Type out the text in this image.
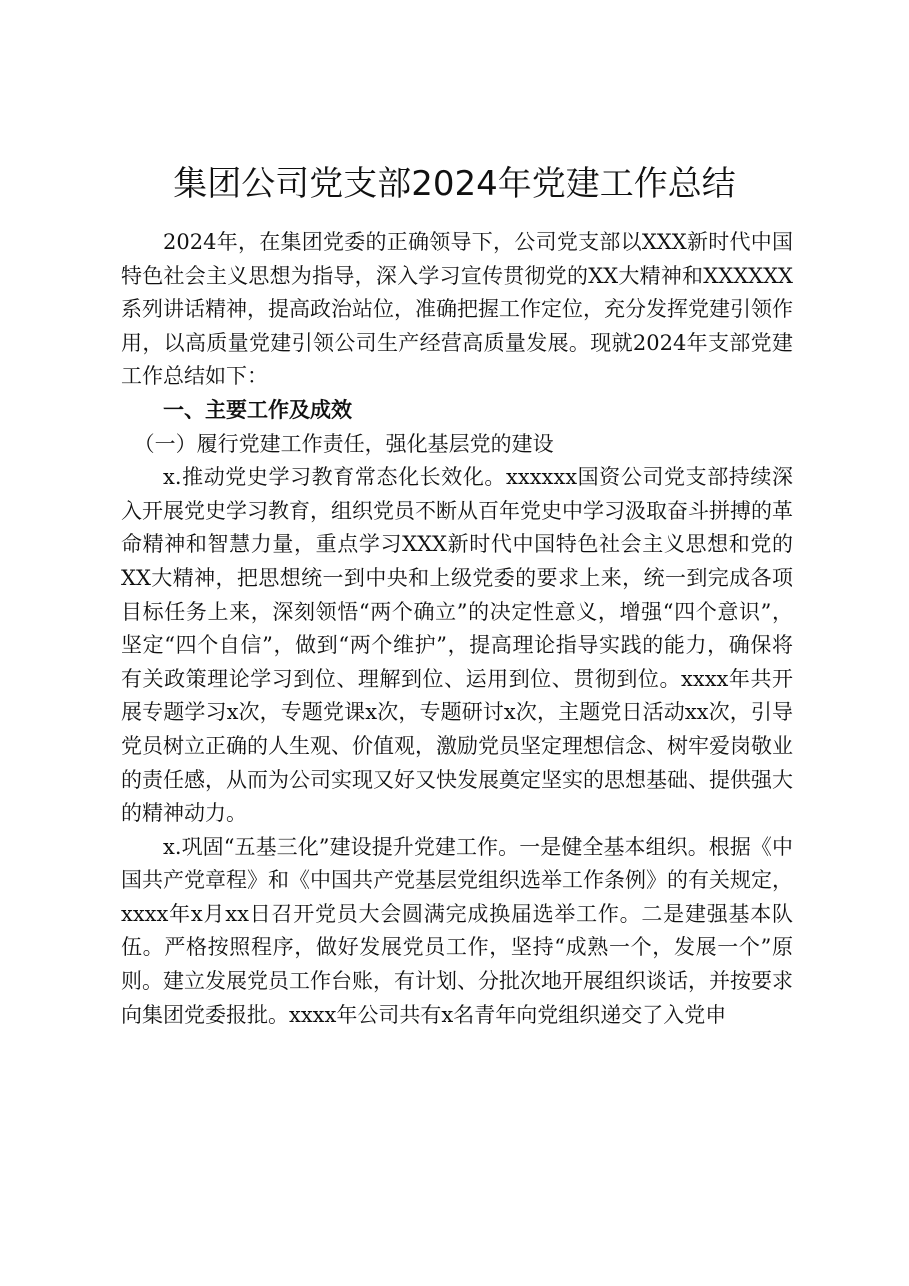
集团公司党支部2024年党建工作总结

2024年，在集团党委的正确领导下，公司党支部以XXX新时代中国特色社会主义思想为指导，深入学习宣传贯彻党的XX大精神和XXXXXX系列讲话精神，提高政治站位，准确把握工作定位，充分发挥党建引领作用，以高质量党建引领公司生产经营高质量发展。现就2024年支部党建工作总结如下：

一、主要工作及成效

（一）履行党建工作责任，强化基层党的建设

x.推动党史学习教育常态化长效化。xxxxxx国资公司党支部持续深入开展党史学习教育，组织党员不断从百年党史中学习汲取奋斗拼搏的革命精神和智慧力量，重点学习XXX新时代中国特色社会主义思想和党的XX大精神，把思想统一到中央和上级党委的要求上来，统一到完成各项目标任务上来，深刻领悟“两个确立”的决定性意义，增强“四个意识”，坚定“四个自信”，做到“两个维护”，提高理论指导实践的能力，确保将有关政策理论学习到位、理解到位、运用到位、贯彻到位。xxxx年共开展专题学习x次，专题党课x次，专题研讨x次，主题党日活动xx次，引导党员树立正确的人生观、价值观，激励党员坚定理想信念、树牢爱岗敬业的责任感，从而为公司实现又好又快发展奠定坚实的思想基础、提供强大的精神动力。

x.巩固“五基三化”建设提升党建工作。一是健全基本组织。根据《中国共产党章程》和《中国共产党基层党组织选举工作条例》的有关规定，xxxx年x月xx日召开党员大会圆满完成换届选举工作。二是建强基本队伍。严格按照程序，做好发展党员工作，坚持“成熟一个，发展一个”原则。建立发展党员工作台账，有计划、分批次地开展组织谈话，并按要求向集团党委报批。xxxx年公司共有x名青年向党组织递交了入党申
